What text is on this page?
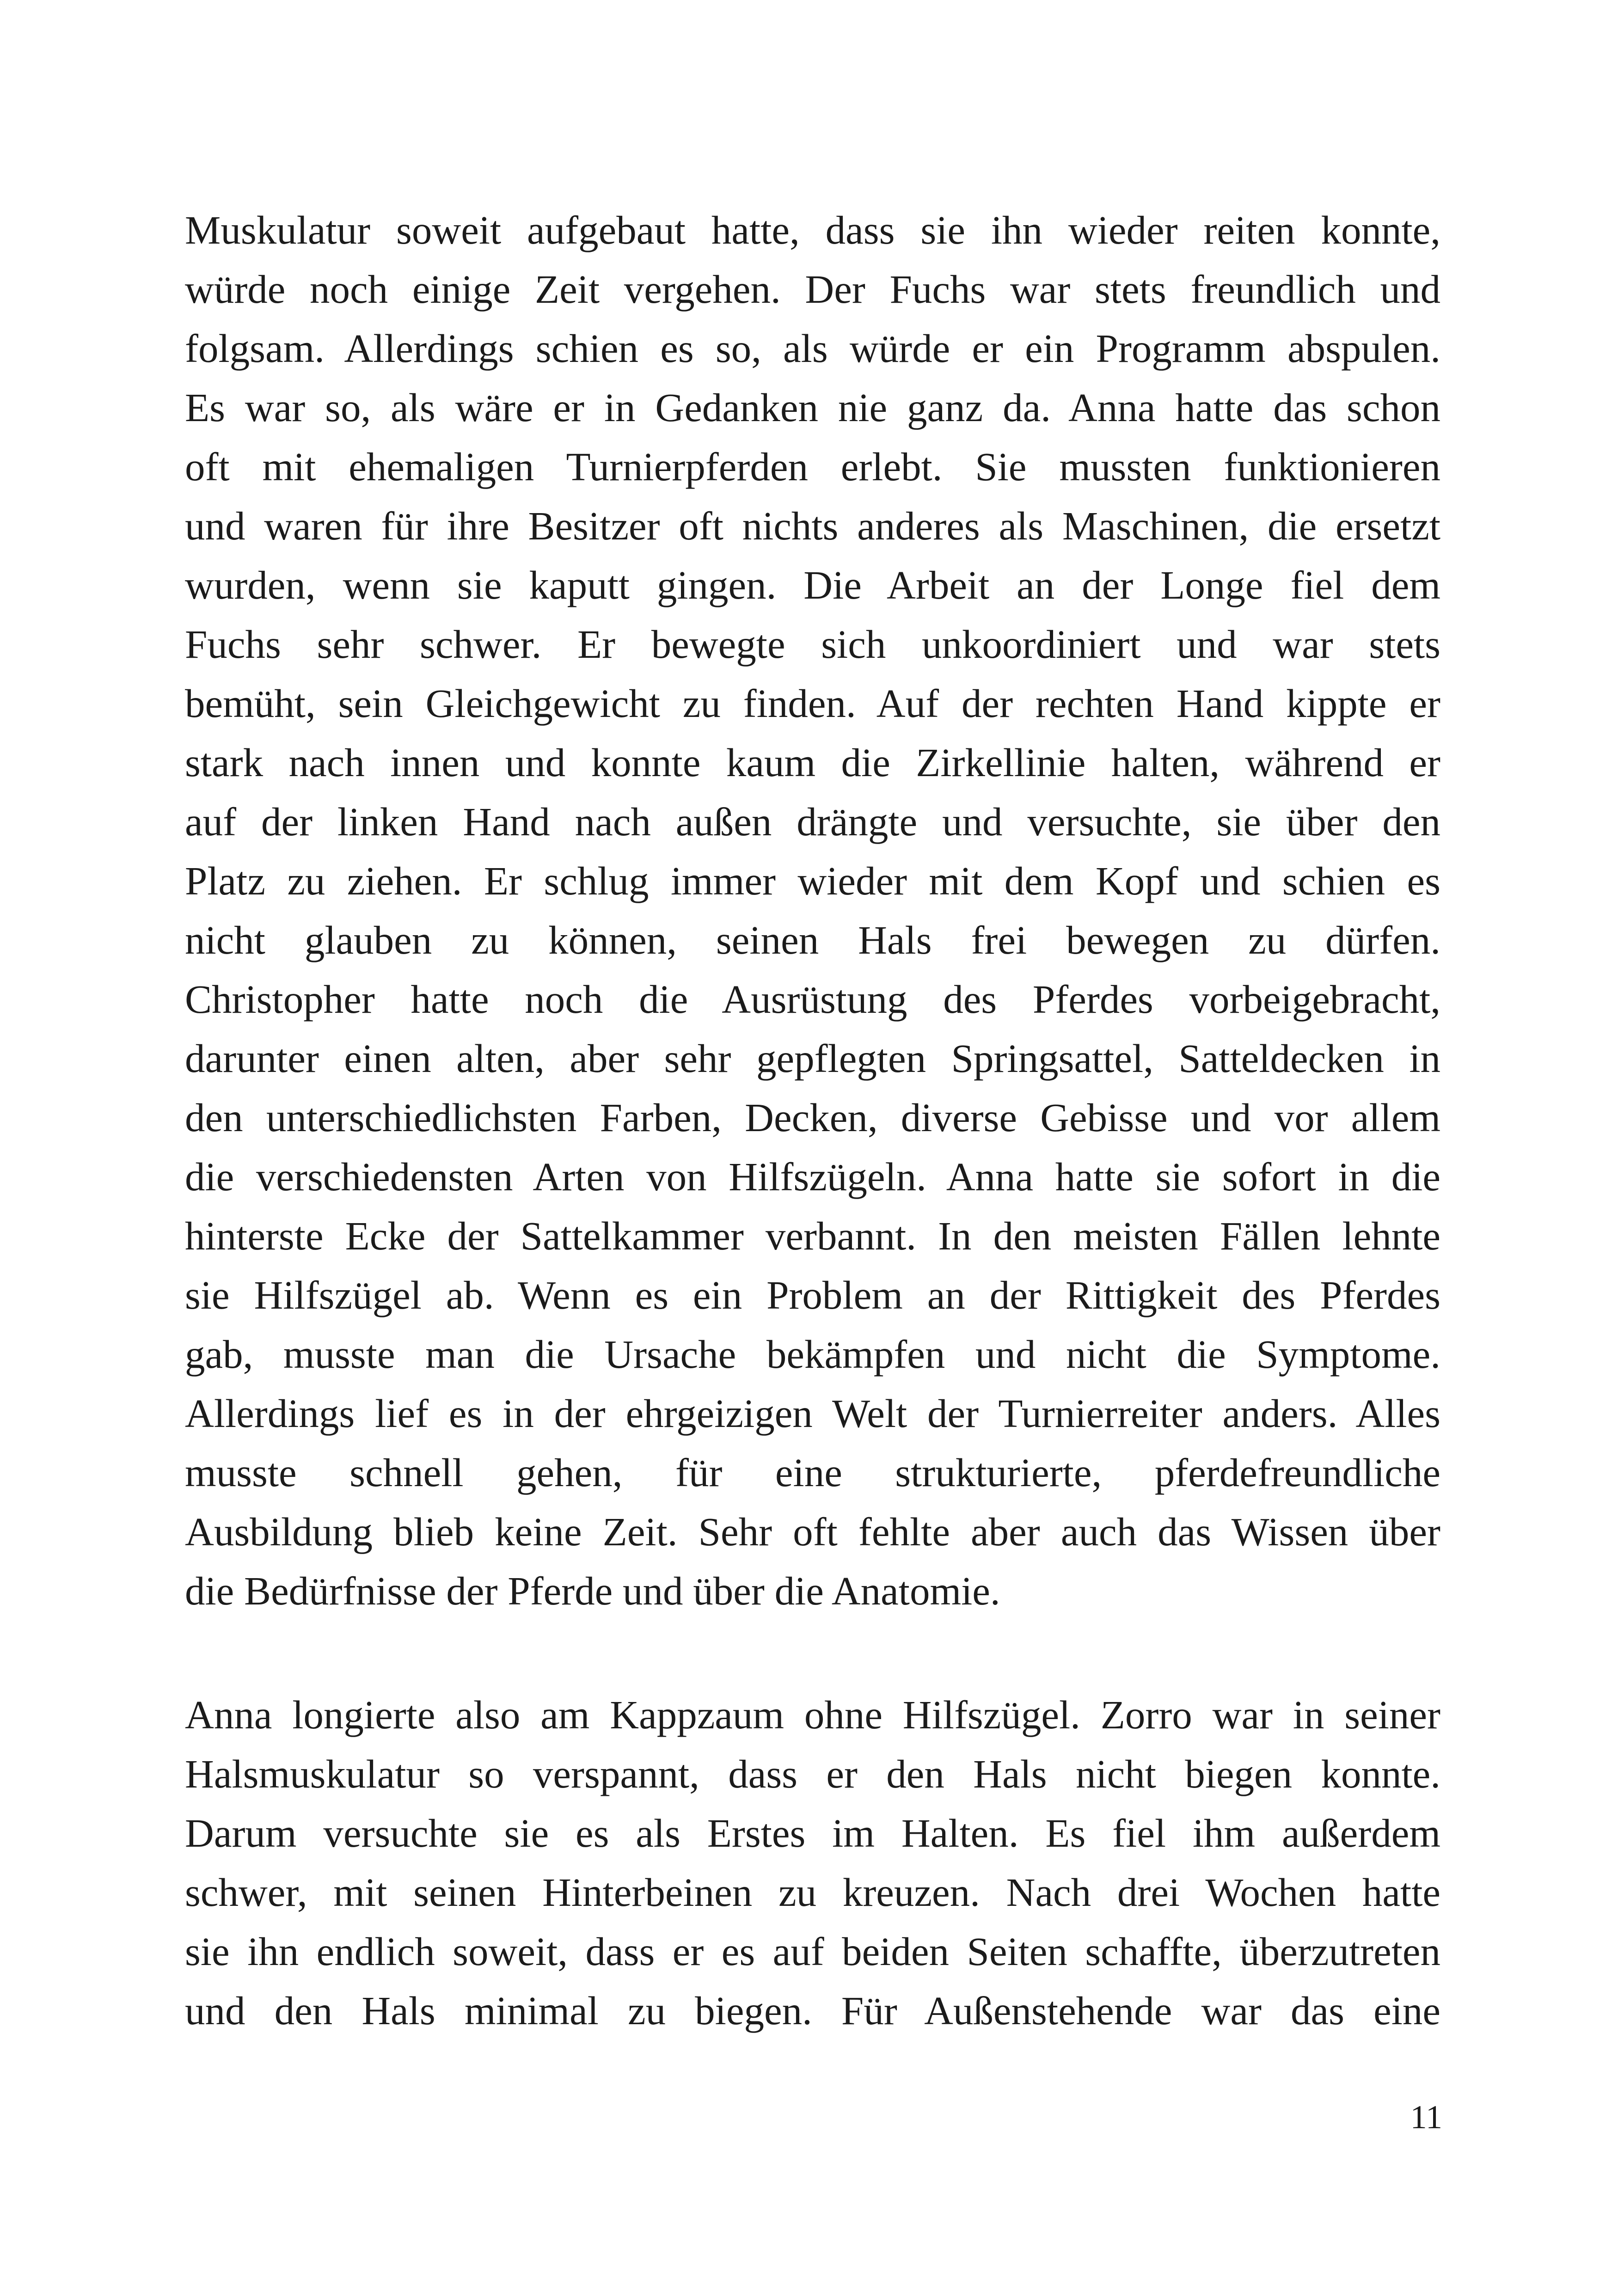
Muskulatur soweit aufgebaut hatte, dass sie ihn wieder reiten konnte,
würde noch einige Zeit vergehen. Der Fuchs war stets freundlich und
folgsam. Allerdings schien es so, als würde er ein Programm abspulen.
Es war so, als wäre er in Gedanken nie ganz da. Anna hatte das schon
oft mit ehemaligen Turnierpferden erlebt. Sie mussten funktionieren
und waren für ihre Besitzer oft nichts anderes als Maschinen, die ersetzt
wurden, wenn sie kaputt gingen. Die Arbeit an der Longe fiel dem
Fuchs sehr schwer. Er bewegte sich unkoordiniert und war stets
bemüht, sein Gleichgewicht zu finden. Auf der rechten Hand kippte er
stark nach innen und konnte kaum die Zirkellinie halten, während er
auf der linken Hand nach außen drängte und versuchte, sie über den
Platz zu ziehen. Er schlug immer wieder mit dem Kopf und schien es
nicht glauben zu können, seinen Hals frei bewegen zu dürfen.
Christopher hatte noch die Ausrüstung des Pferdes vorbeigebracht,
darunter einen alten, aber sehr gepflegten Springsattel, Satteldecken in
den unterschiedlichsten Farben, Decken, diverse Gebisse und vor allem
die verschiedensten Arten von Hilfszügeln. Anna hatte sie sofort in die
hinterste Ecke der Sattelkammer verbannt. In den meisten Fällen lehnte
sie Hilfszügel ab. Wenn es ein Problem an der Rittigkeit des Pferdes
gab, musste man die Ursache bekämpfen und nicht die Symptome.
Allerdings lief es in der ehrgeizigen Welt der Turnierreiter anders. Alles
musste schnell gehen, für eine strukturierte, pferdefreundliche
Ausbildung blieb keine Zeit. Sehr oft fehlte aber auch das Wissen über
die Bedürfnisse der Pferde und über die Anatomie.
Anna longierte also am Kappzaum ohne Hilfszügel. Zorro war in seiner
Halsmuskulatur so verspannt, dass er den Hals nicht biegen konnte.
Darum versuchte sie es als Erstes im Halten. Es fiel ihm außerdem
schwer, mit seinen Hinterbeinen zu kreuzen. Nach drei Wochen hatte
sie ihn endlich soweit, dass er es auf beiden Seiten schaffte, überzutreten
und den Hals minimal zu biegen. Für Außenstehende war das eine
11
